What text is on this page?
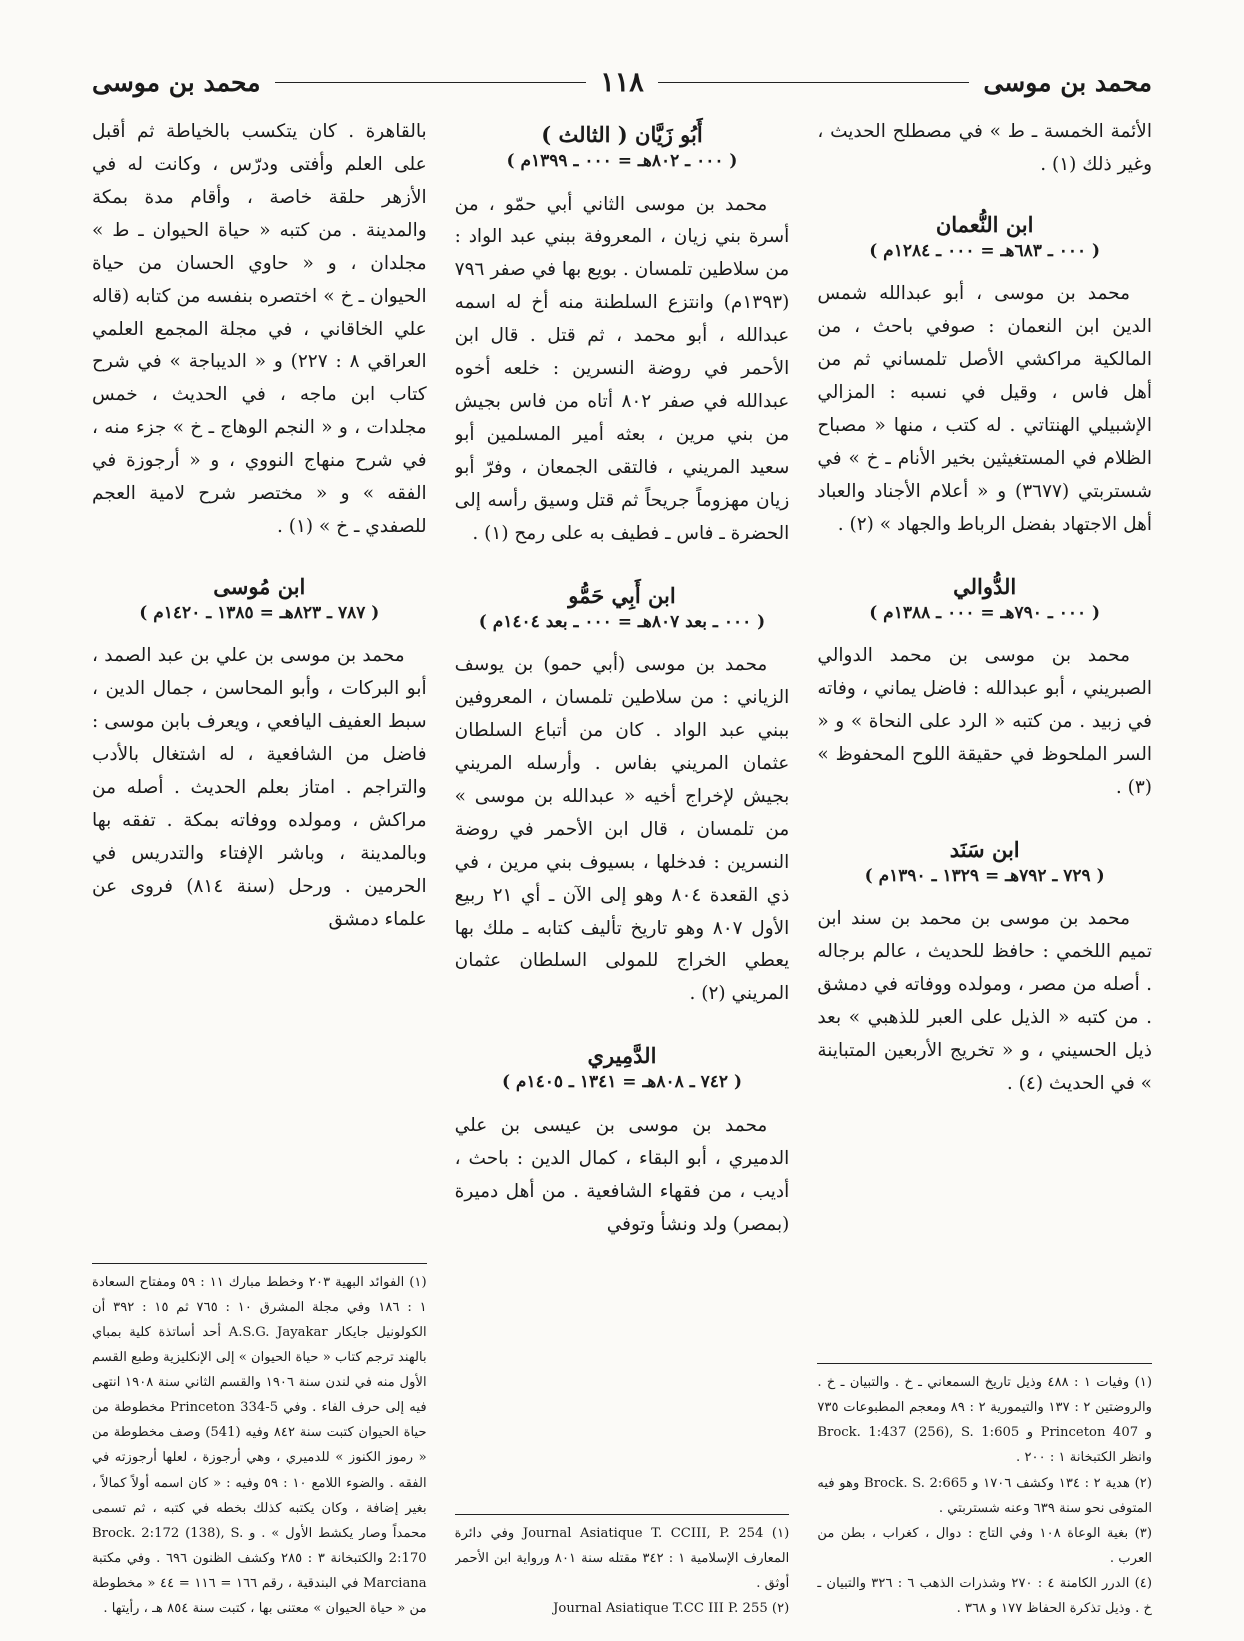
محمد بن موسى
١١٨
محمد بن موسى

الأئمة الخمسة ـ ط » في مصطلح الحديث ، وغير ذلك (١) .

ابن النُّعمان
( ٠٠٠ ـ ٦٨٣هـ = ٠٠٠ ـ ١٢٨٤م )

محمد بن موسى ، أبو عبدالله شمس الدين ابن النعمان : صوفي باحث ، من المالكية مراكشي الأصل تلمساني ثم من أهل فاس ، وقيل في نسبه : المزالي الإشبيلي الهنتاتي . له كتب ، منها « مصباح الظلام في المستغيثين بخير الأنام ـ خ » في شستربتي (٣٦٧٧) و « أعلام الأجناد والعباد أهل الاجتهاد بفضل الرباط والجهاد » (٢) .

الدُّوالي
( ٠٠٠ ـ ٧٩٠هـ = ٠٠٠ ـ ١٣٨٨م )

محمد بن موسى بن محمد الدوالي الصبريني ، أبو عبدالله : فاضل يماني ، وفاته في زبيد . من كتبه « الرد على النحاة » و « السر الملحوظ في حقيقة اللوح المحفوظ » (٣) .

ابن سَنَد
( ٧٢٩ ـ ٧٩٢هـ = ١٣٢٩ ـ ١٣٩٠م )

محمد بن موسى بن محمد بن سند ابن تميم اللخمي : حافظ للحديث ، عالم برجاله . أصله من مصر ، ومولده ووفاته في دمشق . من كتبه « الذيل على العبر للذهبي » بعد ذيل الحسيني ، و « تخريج الأربعين المتباينة » في الحديث (٤) .

(١) وفيات ١ : ٤٨٨ وذيل تاريخ السمعاني ـ خ . والتبيان ـ خ . والروضتين ٢ : ١٣٧ والتيمورية ٢ : ٨٩ ومعجم المطبوعات ٧٣٥ و Princeton 407 و Brock. 1:437 (256), S. 1:605 وانظر الكتبخانة ١ : ٢٠٠ .

(٢) هدية ٢ : ١٣٤ وكشف ١٧٠٦ و Brock. S. 2:665 وهو فيه المتوفى نحو سنة ٦٣٩ وعنه شستربتي .

(٣) بغية الوعاة ١٠٨ وفي التاج : دوال ، كغراب ، بطن من العرب .

(٤) الدرر الكامنة ٤ : ٢٧٠ وشذرات الذهب ٦ : ٣٢٦ والتبيان ـ خ . وذيل تذكرة الحفاظ ١٧٧ و ٣٦٨ .

أَبُو زَيَّان ( الثالث )
( ٠٠٠ ـ ٨٠٢هـ = ٠٠٠ ـ ١٣٩٩م )

محمد بن موسى الثاني أبي حمّو ، من أسرة بني زيان ، المعروفة ببني عبد الواد : من سلاطين تلمسان . بويع بها في صفر ٧٩٦ (١٣٩٣م) وانتزع السلطنة منه أخ له اسمه عبدالله ، أبو محمد ، ثم قتل . قال ابن الأحمر في روضة النسرين : خلعه أخوه عبدالله في صفر ٨٠٢ أتاه من فاس بجيش من بني مرين ، بعثه أمير المسلمين أبو سعيد المريني ، فالتقى الجمعان ، وفرّ أبو زيان مهزوماً جريحاً ثم قتل وسيق رأسه إلى الحضرة ـ فاس ـ فطيف به على رمح (١) .

ابن أَبِي حَمُّو
( ٠٠٠ ـ بعد ٨٠٧هـ = ٠٠٠ ـ بعد ١٤٠٤م )

محمد بن موسى (أبي حمو) بن يوسف الزياني : من سلاطين تلمسان ، المعروفين ببني عبد الواد . كان من أتباع السلطان عثمان المريني بفاس . وأرسله المريني بجيش لإخراج أخيه « عبدالله بن موسى » من تلمسان ، قال ابن الأحمر في روضة النسرين : فدخلها ، بسيوف بني مرين ، في ذي القعدة ٨٠٤ وهو إلى الآن ـ أي ٢١ ربيع الأول ٨٠٧ وهو تاريخ تأليف كتابه ـ ملك بها يعطي الخراج للمولى السلطان عثمان المريني (٢) .

الدَّمِيري
( ٧٤٢ ـ ٨٠٨هـ = ١٣٤١ ـ ١٤٠٥م )

محمد بن موسى بن عيسى بن علي الدميري ، أبو البقاء ، كمال الدين : باحث ، أديب ، من فقهاء الشافعية . من أهل دميرة (بمصر) ولد ونشأ وتوفي

(١) Journal Asiatique T. CCIII, P. 254 وفي دائرة المعارف الإسلامية ١ : ٣٤٢ مقتله سنة ٨٠١ ورواية ابن الأحمر أوثق .

(٢) Journal Asiatique T.CC III P. 255

بالقاهرة . كان يتكسب بالخياطة ثم أقبل على العلم وأفتى ودرّس ، وكانت له في الأزهر حلقة خاصة ، وأقام مدة بمكة والمدينة . من كتبه « حياة الحيوان ـ ط » مجلدان ، و « حاوي الحسان من حياة الحيوان ـ خ » اختصره بنفسه من كتابه (قاله علي الخاقاني ، في مجلة المجمع العلمي العراقي ٨ : ٢٢٧) و « الديباجة » في شرح كتاب ابن ماجه ، في الحديث ، خمس مجلدات ، و « النجم الوهاج ـ خ » جزء منه ، في شرح منهاج النووي ، و « أرجوزة في الفقه » و « مختصر شرح لامية العجم للصفدي ـ خ » (١) .

ابن مُوسى
( ٧٨٧ ـ ٨٢٣هـ = ١٣٨٥ ـ ١٤٢٠م )

محمد بن موسى بن علي بن عبد الصمد ، أبو البركات ، وأبو المحاسن ، جمال الدين ، سبط العفيف اليافعي ، ويعرف بابن موسى : فاضل من الشافعية ، له اشتغال بالأدب والتراجم . امتاز بعلم الحديث . أصله من مراكش ، ومولده ووفاته بمكة . تفقه بها وبالمدينة ، وباشر الإفتاء والتدريس في الحرمين . ورحل (سنة ٨١٤) فروى عن علماء دمشق

(١) الفوائد البهية ٢٠٣ وخطط مبارك ١١ : ٥٩ ومفتاح السعادة ١ : ١٨٦ وفي مجلة المشرق ١٠ : ٧٦٥ ثم ١٥ : ٣٩٢ أن الكولونيل جايكار A.S.G. Jayakar أحد أساتذة كلية بمباي بالهند ترجم كتاب « حياة الحيوان » إلى الإنكليزية وطبع القسم الأول منه في لندن سنة ١٩٠٦ والقسم الثاني سنة ١٩٠٨ انتهى فيه إلى حرف الفاء . وفي Princeton 334-5 مخطوطة من حياة الحيوان كتبت سنة ٨٤٢ وفيه (541) وصف مخطوطة من « رموز الكنوز » للدميري ، وهي أرجوزة ، لعلها أرجوزته في الفقه . والضوء اللامع ١٠ : ٥٩ وفيه : « كان اسمه أولاً كمالاً ، بغير إضافة ، وكان يكتبه كذلك بخطه في كتبه ، ثم تسمى محمداً وصار يكشط الأول » . و Brock. 2:172 (138), S. 2:170 والكتبخانة ٣ : ٢٨٥ وكشف الظنون ٦٩٦ . وفي مكتبة Marciana في البندقية ، رقم ١٦٦ = ١١٦ = ٤٤ « مخطوطة من « حياة الحيوان » معتنى بها ، كتبت سنة ٨٥٤ هـ ، رأيتها .
